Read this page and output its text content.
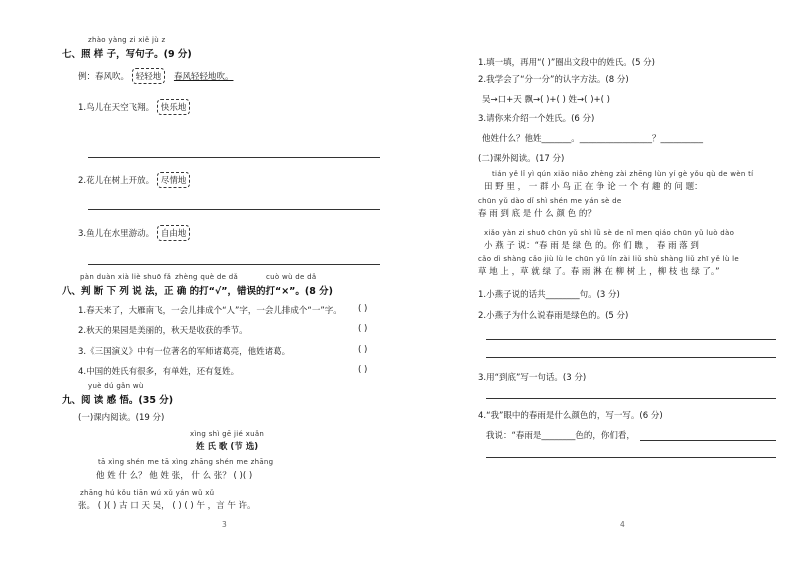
zhào yàng zi xiě jù z
七、照 样 子，写句子。(9 分)
例：春风吹。 轻轻地 春风轻轻地吹。
1.鸟儿在天空飞翔。 快乐地
2.花儿在树上开放。 尽情地
3.鱼儿在水里游动。 自由地
pàn duàn xià liè shuō fǎ zhèng què de dǎ	cuò wù de dǎ
八、判 断 下 列 说 法，正 确 的打“√”，错误的打“×”。(8 分)
1.春天来了，大雁南飞，一会儿排成个“人”字，一会儿排成个“一”字。 ( )
2.秋天的果园是美丽的，秋天是收获的季节。	( )
3.《三国演义》中有一位著名的军师诸葛亮，他姓诸葛。	( )
4.中国的姓氏有很多，有单姓，还有复姓。	( )
yuè dú gǎn wù
九、阅 读 感 悟。(35 分)
(一)课内阅读。(19 分)
xìng shì gē jié xuǎn
姓 氏 歌 (节 选)
tā xìng shén me tā xìng zhāng shén me zhāng
他 姓 什 么？ 他 姓 张， 什 么 张？ ( )( )
zhāng hú kǒu tiān wú xǔ yán wǔ xǔ
张。 ( )( ) 古 口 天 吴， ( ) ( ) 午 ，言 午 许。
3
1.填一填，再用“( )”圈出文段中的姓氏。(5 分)
2.我学会了“分一分”的认字方法。(8 分)
吴→口+天 飘→( )+( ) 姓→( )+( )
3.请你来介绍一个姓氏。(6 分)
他姓什么？他姓_______。_________________？__________
(二)课外阅读。(17 分)
tián yě lǐ yì qún xiǎo niǎo zhèng zài zhēng lùn yí gè yǒu qù de wèn tí
田 野 里 ， 一 群 小 鸟 正 在 争 论 一 个 有 趣 的 问 题：
chūn yǔ dào dǐ shì shén me yán sè de
春 雨 到 底 是 什 么 颜 色 的？
xiǎo yàn zi shuō chūn yǔ shì lǜ sè de nǐ men qiáo chūn yǔ luò dào
小 燕 子 说：“春 雨 是 绿 色 的。你 们 瞧 ， 春 雨 落 到
cǎo dì shàng cǎo jiù lù le chūn yǔ lín zài liǔ shù shàng liǔ zhī yě lù le
草 地 上 ，草 就 绿 了。春 雨 淋 在 柳 树 上 ，柳 枝 也 绿 了。”
1.小燕子说的话共________句。(3 分)
2.小燕子为什么说春雨是绿色的。(5 分)
3.用“到底”写一句话。(3 分)
4.“我”眼中的春雨是什么颜色的，写一写。(6 分)
我说：“春雨是________色的，你们看，
4
